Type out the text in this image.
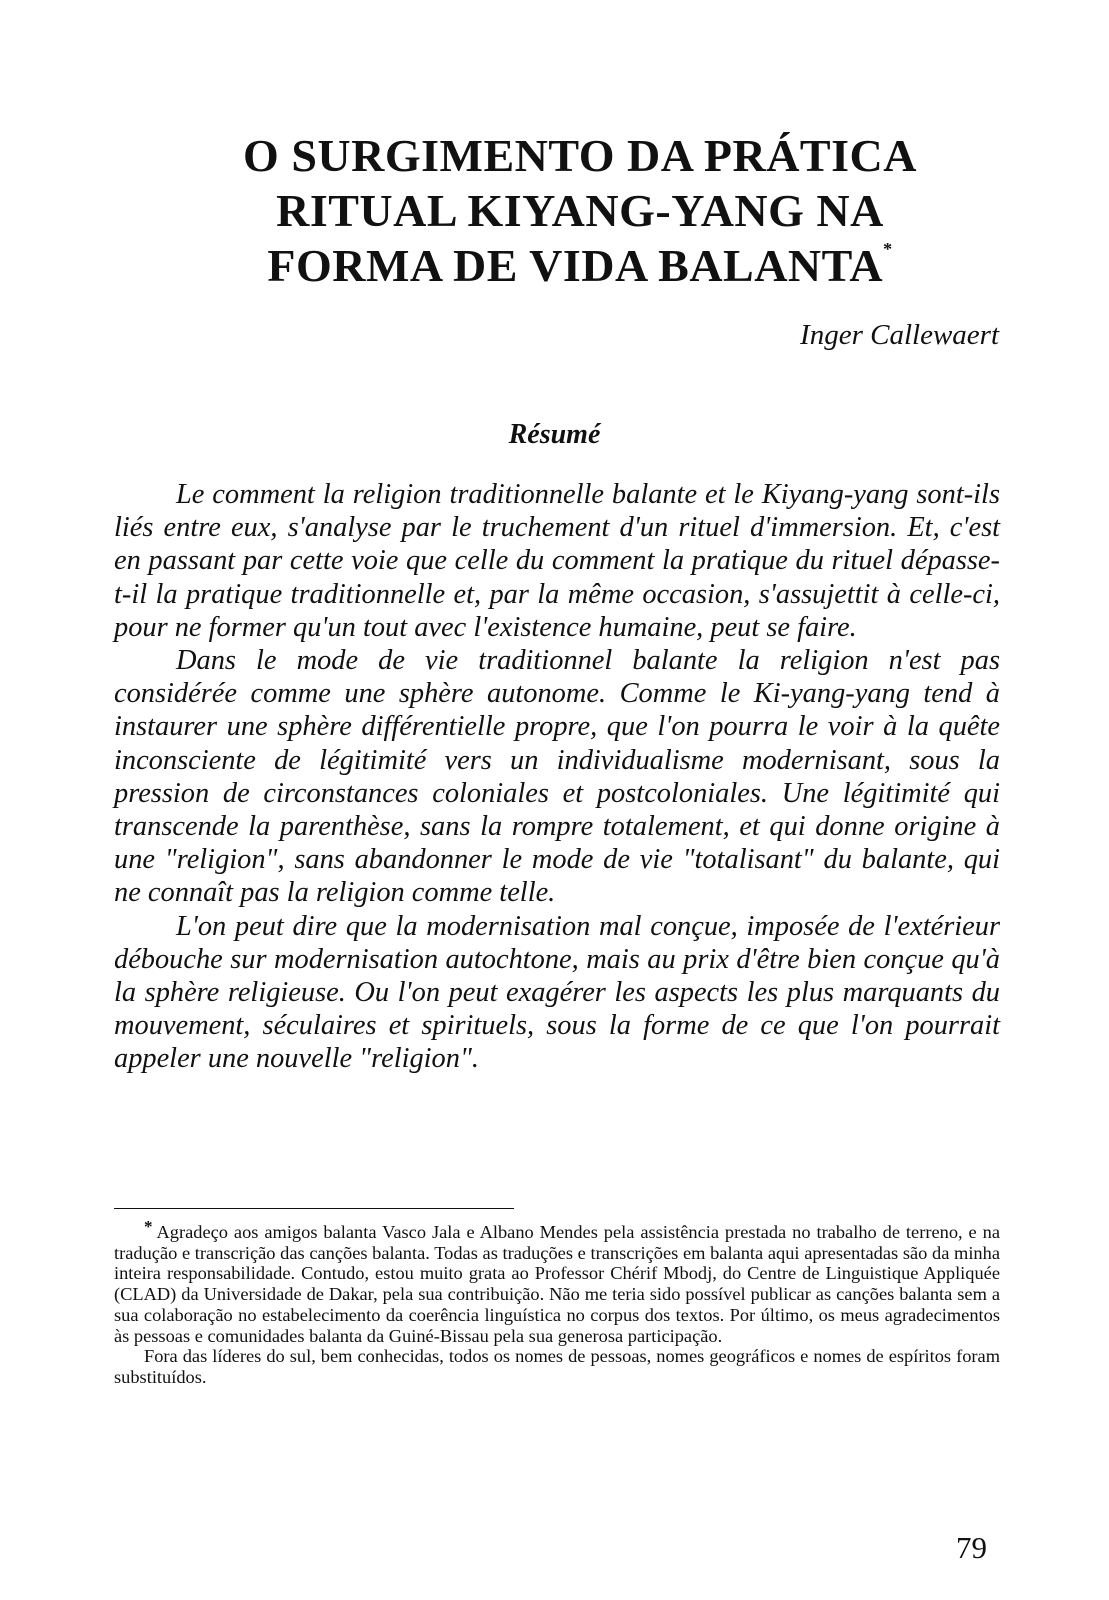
O SURGIMENTO DA PRÁTICA
RITUAL KIYANG-YANG NA
FORMA DE VIDA BALANTA*

Inger Callewaert

Résumé

Le comment la religion traditionnelle balante et le Kiyang-yang sont-ils liés entre eux, s'analyse par le truchement d'un rituel d'immersion. Et, c'est en passant par cette voie que celle du comment la pratique du rituel dépasse-t-il la pratique traditionnelle et, par la même occasion, s'assujettit à celle-ci, pour ne former qu'un tout avec l'existence humaine, peut se faire.

Dans le mode de vie traditionnel balante la religion n'est pas considérée comme une sphère autonome. Comme le Ki-yang-yang tend à instaurer une sphère différentielle propre, que l'on pourra le voir à la quête inconsciente de légitimité vers un individualisme modernisant, sous la pression de circonstances coloniales et postcoloniales. Une légitimité qui transcende la parenthèse, sans la rompre totalement, et qui donne origine à une "religion", sans abandonner le mode de vie "totalisant" du balante, qui ne connaît pas la religion comme telle.

L'on peut dire que la modernisation mal conçue, imposée de l'extérieur débouche sur modernisation autochtone, mais au prix d'être bien conçue qu'à la sphère religieuse. Ou l'on peut exagérer les aspects les plus marquants du mouvement, séculaires et spirituels, sous la forme de ce que l'on pourrait appeler une nouvelle "religion".

* Agradeço aos amigos balanta Vasco Jala e Albano Mendes pela assistência prestada no trabalho de terreno, e na tradução e transcrição das canções balanta. Todas as traduções e transcrições em balanta aqui apresentadas são da minha inteira responsabilidade. Contudo, estou muito grata ao Professor Chérif Mbodj, do Centre de Linguistique Appliquée (CLAD) da Universidade de Dakar, pela sua contribuição. Não me teria sido possível publicar as canções balanta sem a sua colaboração no estabelecimento da coerência linguística no corpus dos textos. Por último, os meus agradecimentos às pessoas e comunidades balanta da Guiné-Bissau pela sua generosa participação.

Fora das líderes do sul, bem conhecidas, todos os nomes de pessoas, nomes geográficos e nomes de espíritos foram substituídos.

79
